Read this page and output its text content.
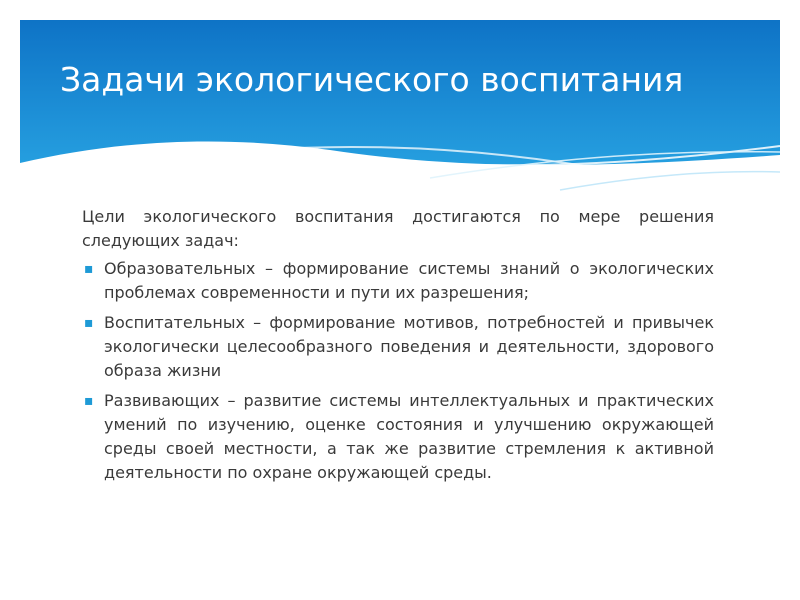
Задачи экологического воспитания

Цели экологического воспитания достигаются по мере решения следующих задач:

▪ Образовательных – формирование системы знаний о экологических проблемах современности и пути их разрешения;
▪ Воспитательных – формирование мотивов, потребностей и привычек экологически целесообразного поведения и деятельности, здорового образа жизни
▪ Развивающих – развитие системы интеллектуальных и практических умений по изучению, оценке состояния и улучшению окружающей среды своей местности, а так же развитие стремления к активной деятельности по охране окружающей среды.
